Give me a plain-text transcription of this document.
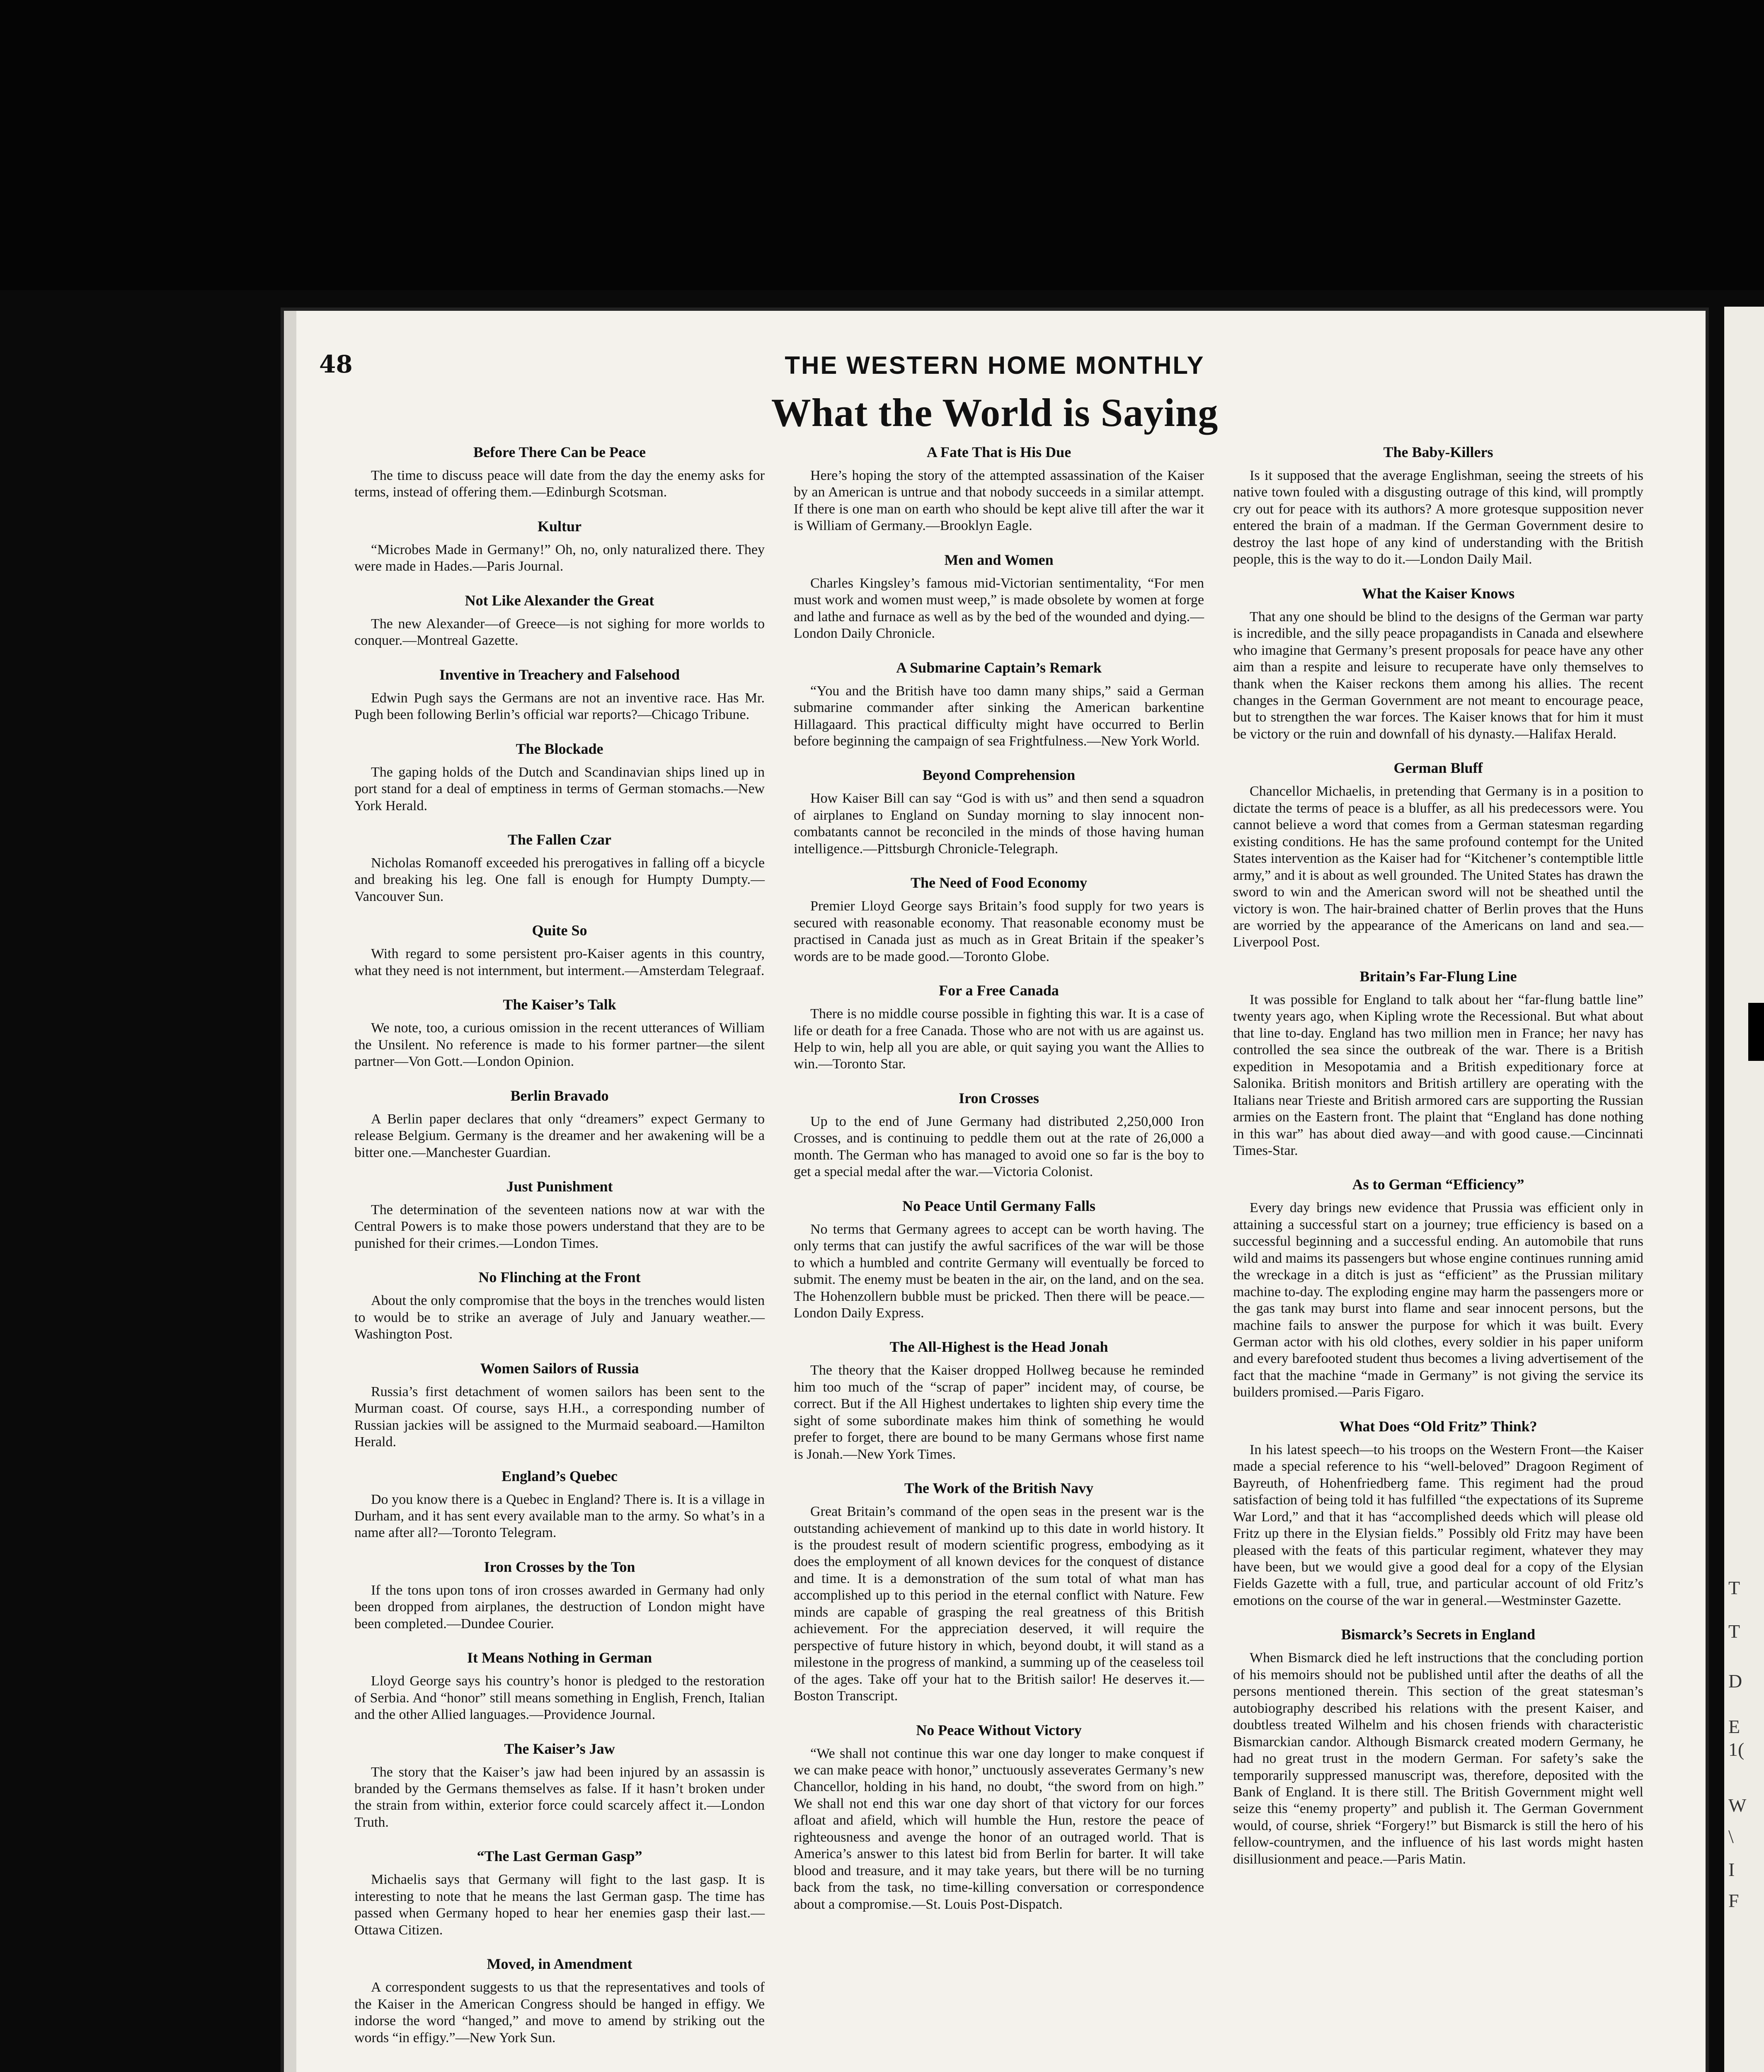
48	THE WESTERN HOME MONTHLY
What the World is Saying
Before There Can be Peace

The time to discuss peace will date from the day the enemy asks for terms, instead of offering them.—Edinburgh Scotsman.

Kultur

“Microbes Made in Germany!” Oh, no, only naturalized there. They were made in Hades.—Paris Journal.

Not Like Alexander the Great

The new Alexander—of Greece—is not sighing for more worlds to conquer.—Montreal Gazette.

Inventive in Treachery and Falsehood

Edwin Pugh says the Germans are not an inventive race. Has Mr. Pugh been following Berlin’s official war reports?—Chicago Tribune.

The Blockade

The gaping holds of the Dutch and Scandinavian ships lined up in port stand for a deal of emptiness in terms of German stomachs.—New York Herald.

The Fallen Czar

Nicholas Romanoff exceeded his prerogatives in falling off a bicycle and breaking his leg. One fall is enough for Humpty Dumpty.—Vancouver Sun.

Quite So

With regard to some persistent pro-Kaiser agents in this country, what they need is not internment, but interment.—Amsterdam Telegraaf.

The Kaiser’s Talk

We note, too, a curious omission in the recent utterances of William the Unsilent. No reference is made to his former partner—the silent partner—Von Gott.—London Opinion.

Berlin Bravado

A Berlin paper declares that only “dreamers” expect Germany to release Belgium. Germany is the dreamer and her awakening will be a bitter one.—Manchester Guardian.

Just Punishment

The determination of the seventeen nations now at war with the Central Powers is to make those powers understand that they are to be punished for their crimes.—London Times.

No Flinching at the Front

About the only compromise that the boys in the trenches would listen to would be to strike an average of July and January weather.—Washington Post.

Women Sailors of Russia

Russia’s first detachment of women sailors has been sent to the Murman coast. Of course, says H.H., a corresponding number of Russian jackies will be assigned to the Murmaid seaboard.—Hamilton Herald.

England’s Quebec

Do you know there is a Quebec in England? There is. It is a village in Durham, and it has sent every available man to the army. So what’s in a name after all?—Toronto Telegram.

Iron Crosses by the Ton

If the tons upon tons of iron crosses awarded in Germany had only been dropped from airplanes, the destruction of London might have been completed.—Dundee Courier.

It Means Nothing in German

Lloyd George says his country’s honor is pledged to the restoration of Serbia. And “honor” still means something in English, French, Italian and the other Allied languages.—Providence Journal.

The Kaiser’s Jaw

The story that the Kaiser’s jaw had been injured by an assassin is branded by the Germans themselves as false. If it hasn’t broken under the strain from within, exterior force could scarcely affect it.—London Truth.

“The Last German Gasp”

Michaelis says that Germany will fight to the last gasp. It is interesting to note that he means the last German gasp. The time has passed when Germany hoped to hear her enemies gasp their last.—Ottawa Citizen.

Moved, in Amendment

A correspondent suggests to us that the representatives and tools of the Kaiser in the American Congress should be hanged in effigy. We indorse the word “hanged,” and move to amend by striking out the words “in effigy.”—New York Sun.

A Fate That is His Due

Here’s hoping the story of the attempted assassination of the Kaiser by an American is untrue and that nobody succeeds in a similar attempt. If there is one man on earth who should be kept alive till after the war it is William of Germany.—Brooklyn Eagle.

Men and Women

Charles Kingsley’s famous mid-Victorian sentimentality, “For men must work and women must weep,” is made obsolete by women at forge and lathe and furnace as well as by the bed of the wounded and dying.—London Daily Chronicle.

A Submarine Captain’s Remark

“You and the British have too damn many ships,” said a German submarine commander after sinking the American barkentine Hillagaard. This practical difficulty might have occurred to Berlin before beginning the campaign of sea Frightfulness.—New York World.

Beyond Comprehension

How Kaiser Bill can say “God is with us” and then send a squadron of airplanes to England on Sunday morning to slay innocent non-combatants cannot be reconciled in the minds of those having human intelligence.—Pittsburgh Chronicle-Telegraph.

The Need of Food Economy

Premier Lloyd George says Britain’s food supply for two years is secured with reasonable economy. That reasonable economy must be practised in Canada just as much as in Great Britain if the speaker’s words are to be made good.—Toronto Globe.

For a Free Canada

There is no middle course possible in fighting this war. It is a case of life or death for a free Canada. Those who are not with us are against us. Help to win, help all you are able, or quit saying you want the Allies to win.—Toronto Star.

Iron Crosses

Up to the end of June Germany had distributed 2,250,000 Iron Crosses, and is continuing to peddle them out at the rate of 26,000 a month. The German who has managed to avoid one so far is the boy to get a special medal after the war.—Victoria Colonist.

No Peace Until Germany Falls

No terms that Germany agrees to accept can be worth having. The only terms that can justify the awful sacrifices of the war will be those to which a humbled and contrite Germany will eventually be forced to submit. The enemy must be beaten in the air, on the land, and on the sea. The Hohenzollern bubble must be pricked. Then there will be peace.—London Daily Express.

The All-Highest is the Head Jonah

The theory that the Kaiser dropped Hollweg because he reminded him too much of the “scrap of paper” incident may, of course, be correct. But if the All Highest undertakes to lighten ship every time the sight of some subordinate makes him think of something he would prefer to forget, there are bound to be many Germans whose first name is Jonah.—New York Times.

The Work of the British Navy

Great Britain’s command of the open seas in the present war is the outstanding achievement of mankind up to this date in world history. It is the proudest result of modern scientific progress, embodying as it does the employment of all known devices for the conquest of distance and time. It is a demonstration of the sum total of what man has accomplished up to this period in the eternal conflict with Nature. Few minds are capable of grasping the real greatness of this British achievement. For the appreciation deserved, it will require the perspective of future history in which, beyond doubt, it will stand as a milestone in the progress of mankind, a summing up of the ceaseless toil of the ages. Take off your hat to the British sailor! He deserves it.—Boston Transcript.

No Peace Without Victory

“We shall not continue this war one day longer to make conquest if we can make peace with honor,” unctuously asseverates Germany’s new Chancellor, holding in his hand, no doubt, “the sword from on high.” We shall not end this war one day short of that victory for our forces afloat and afield, which will humble the Hun, restore the peace of righteousness and avenge the honor of an outraged world. That is America’s answer to this latest bid from Berlin for barter. It will take blood and treasure, and it may take years, but there will be no turning back from the task, no time-killing conversation or correspondence about a compromise.—St. Louis Post-Dispatch.

The Baby-Killers

Is it supposed that the average Englishman, seeing the streets of his native town fouled with a disgusting outrage of this kind, will promptly cry out for peace with its authors? A more grotesque supposition never entered the brain of a madman. If the German Government desire to destroy the last hope of any kind of understanding with the British people, this is the way to do it.—London Daily Mail.

What the Kaiser Knows

That any one should be blind to the designs of the German war party is incredible, and the silly peace propagandists in Canada and elsewhere who imagine that Germany’s present proposals for peace have any other aim than a respite and leisure to recuperate have only themselves to thank when the Kaiser reckons them among his allies. The recent changes in the German Government are not meant to encourage peace, but to strengthen the war forces. The Kaiser knows that for him it must be victory or the ruin and downfall of his dynasty.—Halifax Herald.

German Bluff

Chancellor Michaelis, in pretending that Germany is in a position to dictate the terms of peace is a bluffer, as all his predecessors were. You cannot believe a word that comes from a German statesman regarding existing conditions. He has the same profound contempt for the United States intervention as the Kaiser had for “Kitchener’s contemptible little army,” and it is about as well grounded. The United States has drawn the sword to win and the American sword will not be sheathed until the victory is won. The hair-brained chatter of Berlin proves that the Huns are worried by the appearance of the Americans on land and sea.—Liverpool Post.

Britain’s Far-Flung Line

It was possible for England to talk about her “far-flung battle line” twenty years ago, when Kipling wrote the Recessional. But what about that line to-day. England has two million men in France; her navy has controlled the sea since the outbreak of the war. There is a British expedition in Mesopotamia and a British expeditionary force at Salonika. British monitors and British artillery are operating with the Italians near Trieste and British armored cars are supporting the Russian armies on the Eastern front. The plaint that “England has done nothing in this war” has about died away—and with good cause.—Cincinnati Times-Star.

As to German “Efficiency”

Every day brings new evidence that Prussia was efficient only in attaining a successful start on a journey; true efficiency is based on a successful beginning and a successful ending. An automobile that runs wild and maims its passengers but whose engine continues running amid the wreckage in a ditch is just as “efficient” as the Prussian military machine to-day. The exploding engine may harm the passengers more or the gas tank may burst into flame and sear innocent persons, but the machine fails to answer the purpose for which it was built. Every German actor with his old clothes, every soldier in his paper uniform and every barefooted student thus becomes a living advertisement of the fact that the machine “made in Germany” is not giving the service its builders promised.—Paris Figaro.

What Does “Old Fritz” Think?

In his latest speech—to his troops on the Western Front—the Kaiser made a special reference to his “well-beloved” Dragoon Regiment of Bayreuth, of Hohenfriedberg fame. This regiment had the proud satisfaction of being told it has fulfilled “the expectations of its Supreme War Lord,” and that it has “accomplished deeds which will please old Fritz up there in the Elysian fields.” Possibly old Fritz may have been pleased with the feats of this particular regiment, whatever they may have been, but we would give a good deal for a copy of the Elysian Fields Gazette with a full, true, and particular account of old Fritz’s emotions on the course of the war in general.—Westminster Gazette.

Bismarck’s Secrets in England

When Bismarck died he left instructions that the concluding portion of his memoirs should not be published until after the deaths of all the persons mentioned therein. This section of the great statesman’s autobiography described his relations with the present Kaiser, and doubtless treated Wilhelm and his chosen friends with characteristic Bismarckian candor. Although Bismarck created modern Germany, he had no great trust in the modern German. For safety’s sake the temporarily suppressed manuscript was, therefore, deposited with the Bank of England. It is there still. The British Government might well seize this “enemy property” and publish it. The German Government would, of course, shriek “Forgery!” but Bismarck is still the hero of his fellow-countrymen, and the influence of his last words might hasten disillusionment and peace.—Paris Matin.

T
T
D
E
1(
W
\
I
F
